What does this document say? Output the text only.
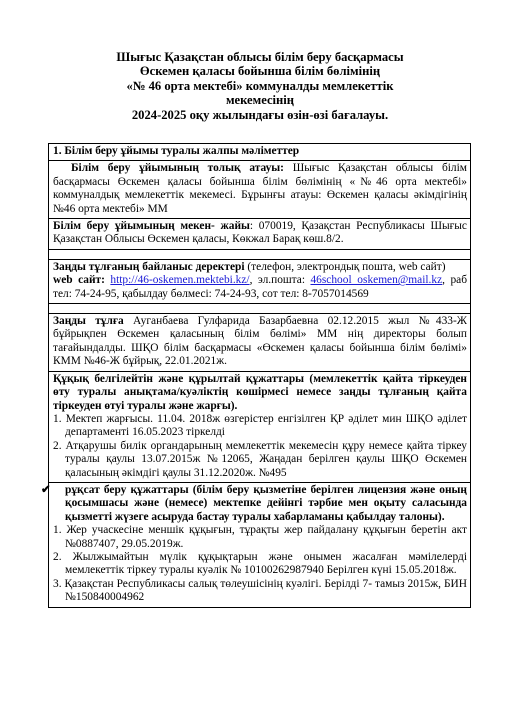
Шығыс Қазақстан облысы білім беру басқармасы
Өскемен қаласы бойынша білім бөлімінің
«№ 46 орта мектебі» коммуналды мемлекеттік
мекемесінің
2024-2025 оқу жылындағы өзін-өзі бағалауы.
1. Білім беру ұйымы туралы жалпы мәліметтер
Білім беру ұйымының толық атауы: Шығыс Қазақстан облысы білім басқармасы Өскемен қаласы бойынша білім бөлімінің «№46 орта мектебі» коммуналдық мемлекеттік мекемесі. Бұрынғы атауы: Өскемен қаласы әкімдігінің №46 орта мектебі» ММ
Білім беру ұйымының мекен- жайы: 070019, Қазақстан Республикасы Шығыс Қазақстан Облысы Өскемен қаласы, Көкжал Барақ көш.8/2.
Заңды тұлғаның байланыс деректері (телефон, электрондық пошта, web сайт)
web сайт: http://46-oskemen.mektebi.kz/, эл.пошта: 46school_oskemen@mail.kz, раб тел: 74-24-95, қабылдау бөлмесі: 74-24-93, сот тел: 8-7057014569
Заңды тұлға Ауганбаева Гулфарида Базарбаевна 02.12.2015 жыл №433-Ж бұйрықпен Өскемен қаласының білім бөлімі» ММ нің директоры болып тағайындалды. ШҚО білім басқармасы «Өскемен қаласы бойынша білім бөлімі» КММ №46-Ж бұйрық, 22.01.2021ж.
Құқық белгілейтін және құрылтай құжаттары (мемлекеттік қайта тіркеуден өту туралы анықтама/куәліктің көшірмесі немесе заңды тұлғаның қайта тіркеуден өтуі туралы және жарғы).
1. Мектеп жарғысы. 11.04. 2018ж өзгерістер енгізілген ҚР әділет мин ШҚО әділет департаменті 16.05.2023 тіркелді
2. Атқарушы билік органдарының мемлекеттік мекемесін құру немесе қайта тіркеу туралы қаулы 13.07.2015ж №12065, Жаңадан берілген қаулы ШҚО Өскемен қаласының әкімдігі қаулы 31.12.2020ж. №495
✔ рұқсат беру құжаттары (білім беру қызметіне берілген лицензия және оның қосымшасы және (немесе) мектепке дейінгі тәрбие мен оқыту саласында қызметті жүзеге асыруда бастау туралы хабарламаны қабылдау талоны).
1. Жер учаскесіне меншік құқығын, тұрақты жер пайдалану құқығын беретін акт №0887407, 29.05.2019ж.
2. Жылжымайтын мүлік құқықтарын және онымен жасалған мәмілелерді мемлекеттік тіркеу туралы куәлік № 10100262987940 Берілген күні 15.05.2018ж.
3. Қазақстан Республикасы салық төлеушісінің куәлігі. Берілді 7- тамыз 2015ж, БИН №150840004962
